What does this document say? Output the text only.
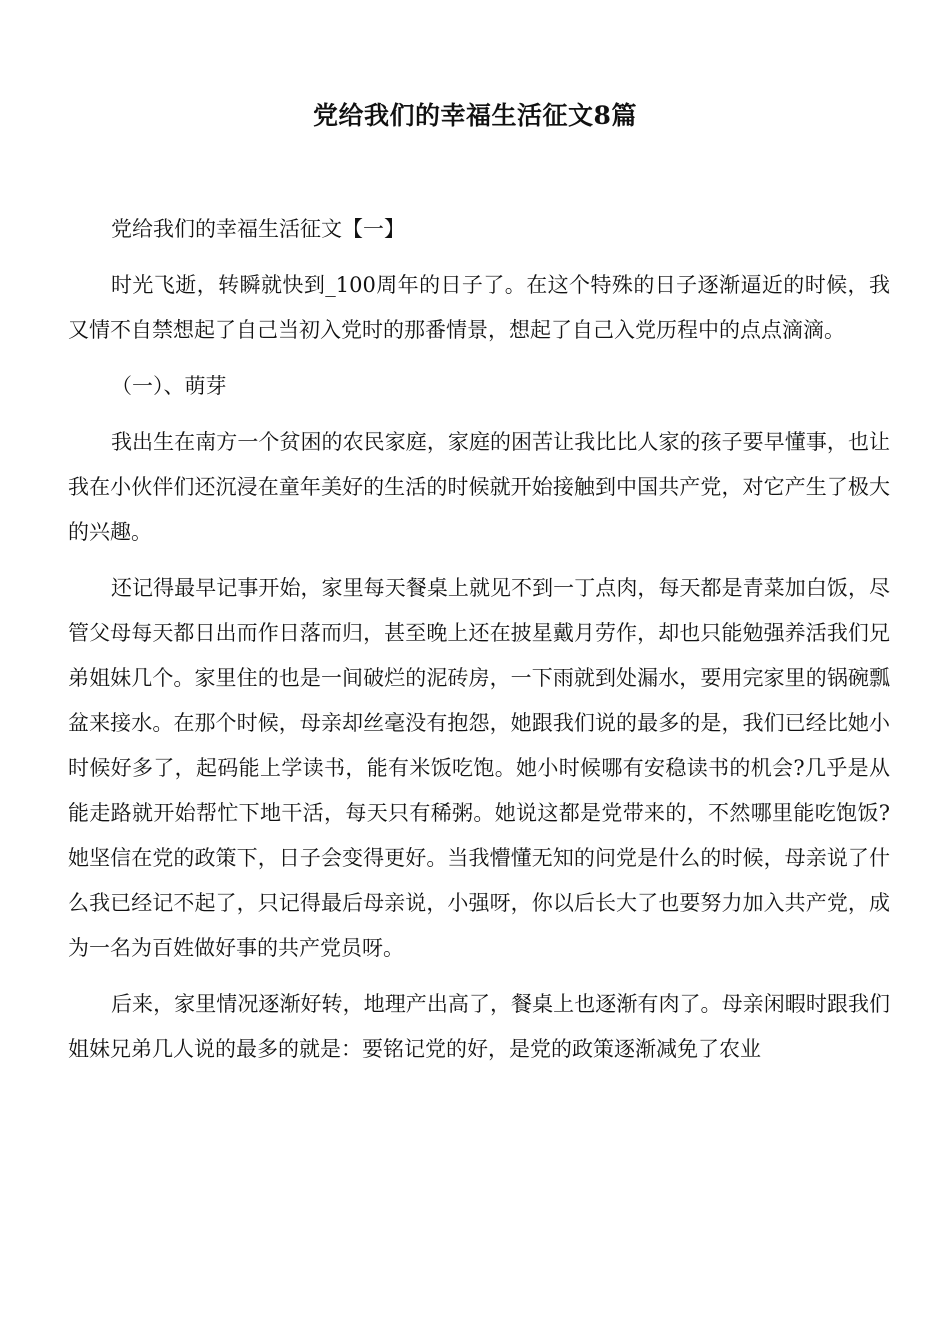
党给我们的幸福生活征文8篇

党给我们的幸福生活征文【一】

时光飞逝，转瞬就快到_100周年的日子了。在这个特殊的日子逐渐逼近的时候，我又情不自禁想起了自己当初入党时的那番情景，想起了自己入党历程中的点点滴滴。

（一）、萌芽

我出生在南方一个贫困的农民家庭，家庭的困苦让我比比人家的孩子要早懂事，也让我在小伙伴们还沉浸在童年美好的生活的时候就开始接触到中国共产党，对它产生了极大的兴趣。

还记得最早记事开始，家里每天餐桌上就见不到一丁点肉，每天都是青菜加白饭，尽管父母每天都日出而作日落而归，甚至晚上还在披星戴月劳作，却也只能勉强养活我们兄弟姐妹几个。家里住的也是一间破烂的泥砖房，一下雨就到处漏水，要用完家里的锅碗瓢盆来接水。在那个时候，母亲却丝毫没有抱怨，她跟我们说的最多的是，我们已经比她小时候好多了，起码能上学读书，能有米饭吃饱。她小时候哪有安稳读书的机会?几乎是从能走路就开始帮忙下地干活，每天只有稀粥。她说这都是党带来的，不然哪里能吃饱饭?她坚信在党的政策下，日子会变得更好。当我懵懂无知的问党是什么的时候，母亲说了什么我已经记不起了，只记得最后母亲说，小强呀，你以后长大了也要努力加入共产党，成为一名为百姓做好事的共产党员呀。

后来，家里情况逐渐好转，地理产出高了，餐桌上也逐渐有肉了。母亲闲暇时跟我们姐妹兄弟几人说的最多的就是：要铭记党的好，是党的政策逐渐减免了农业
